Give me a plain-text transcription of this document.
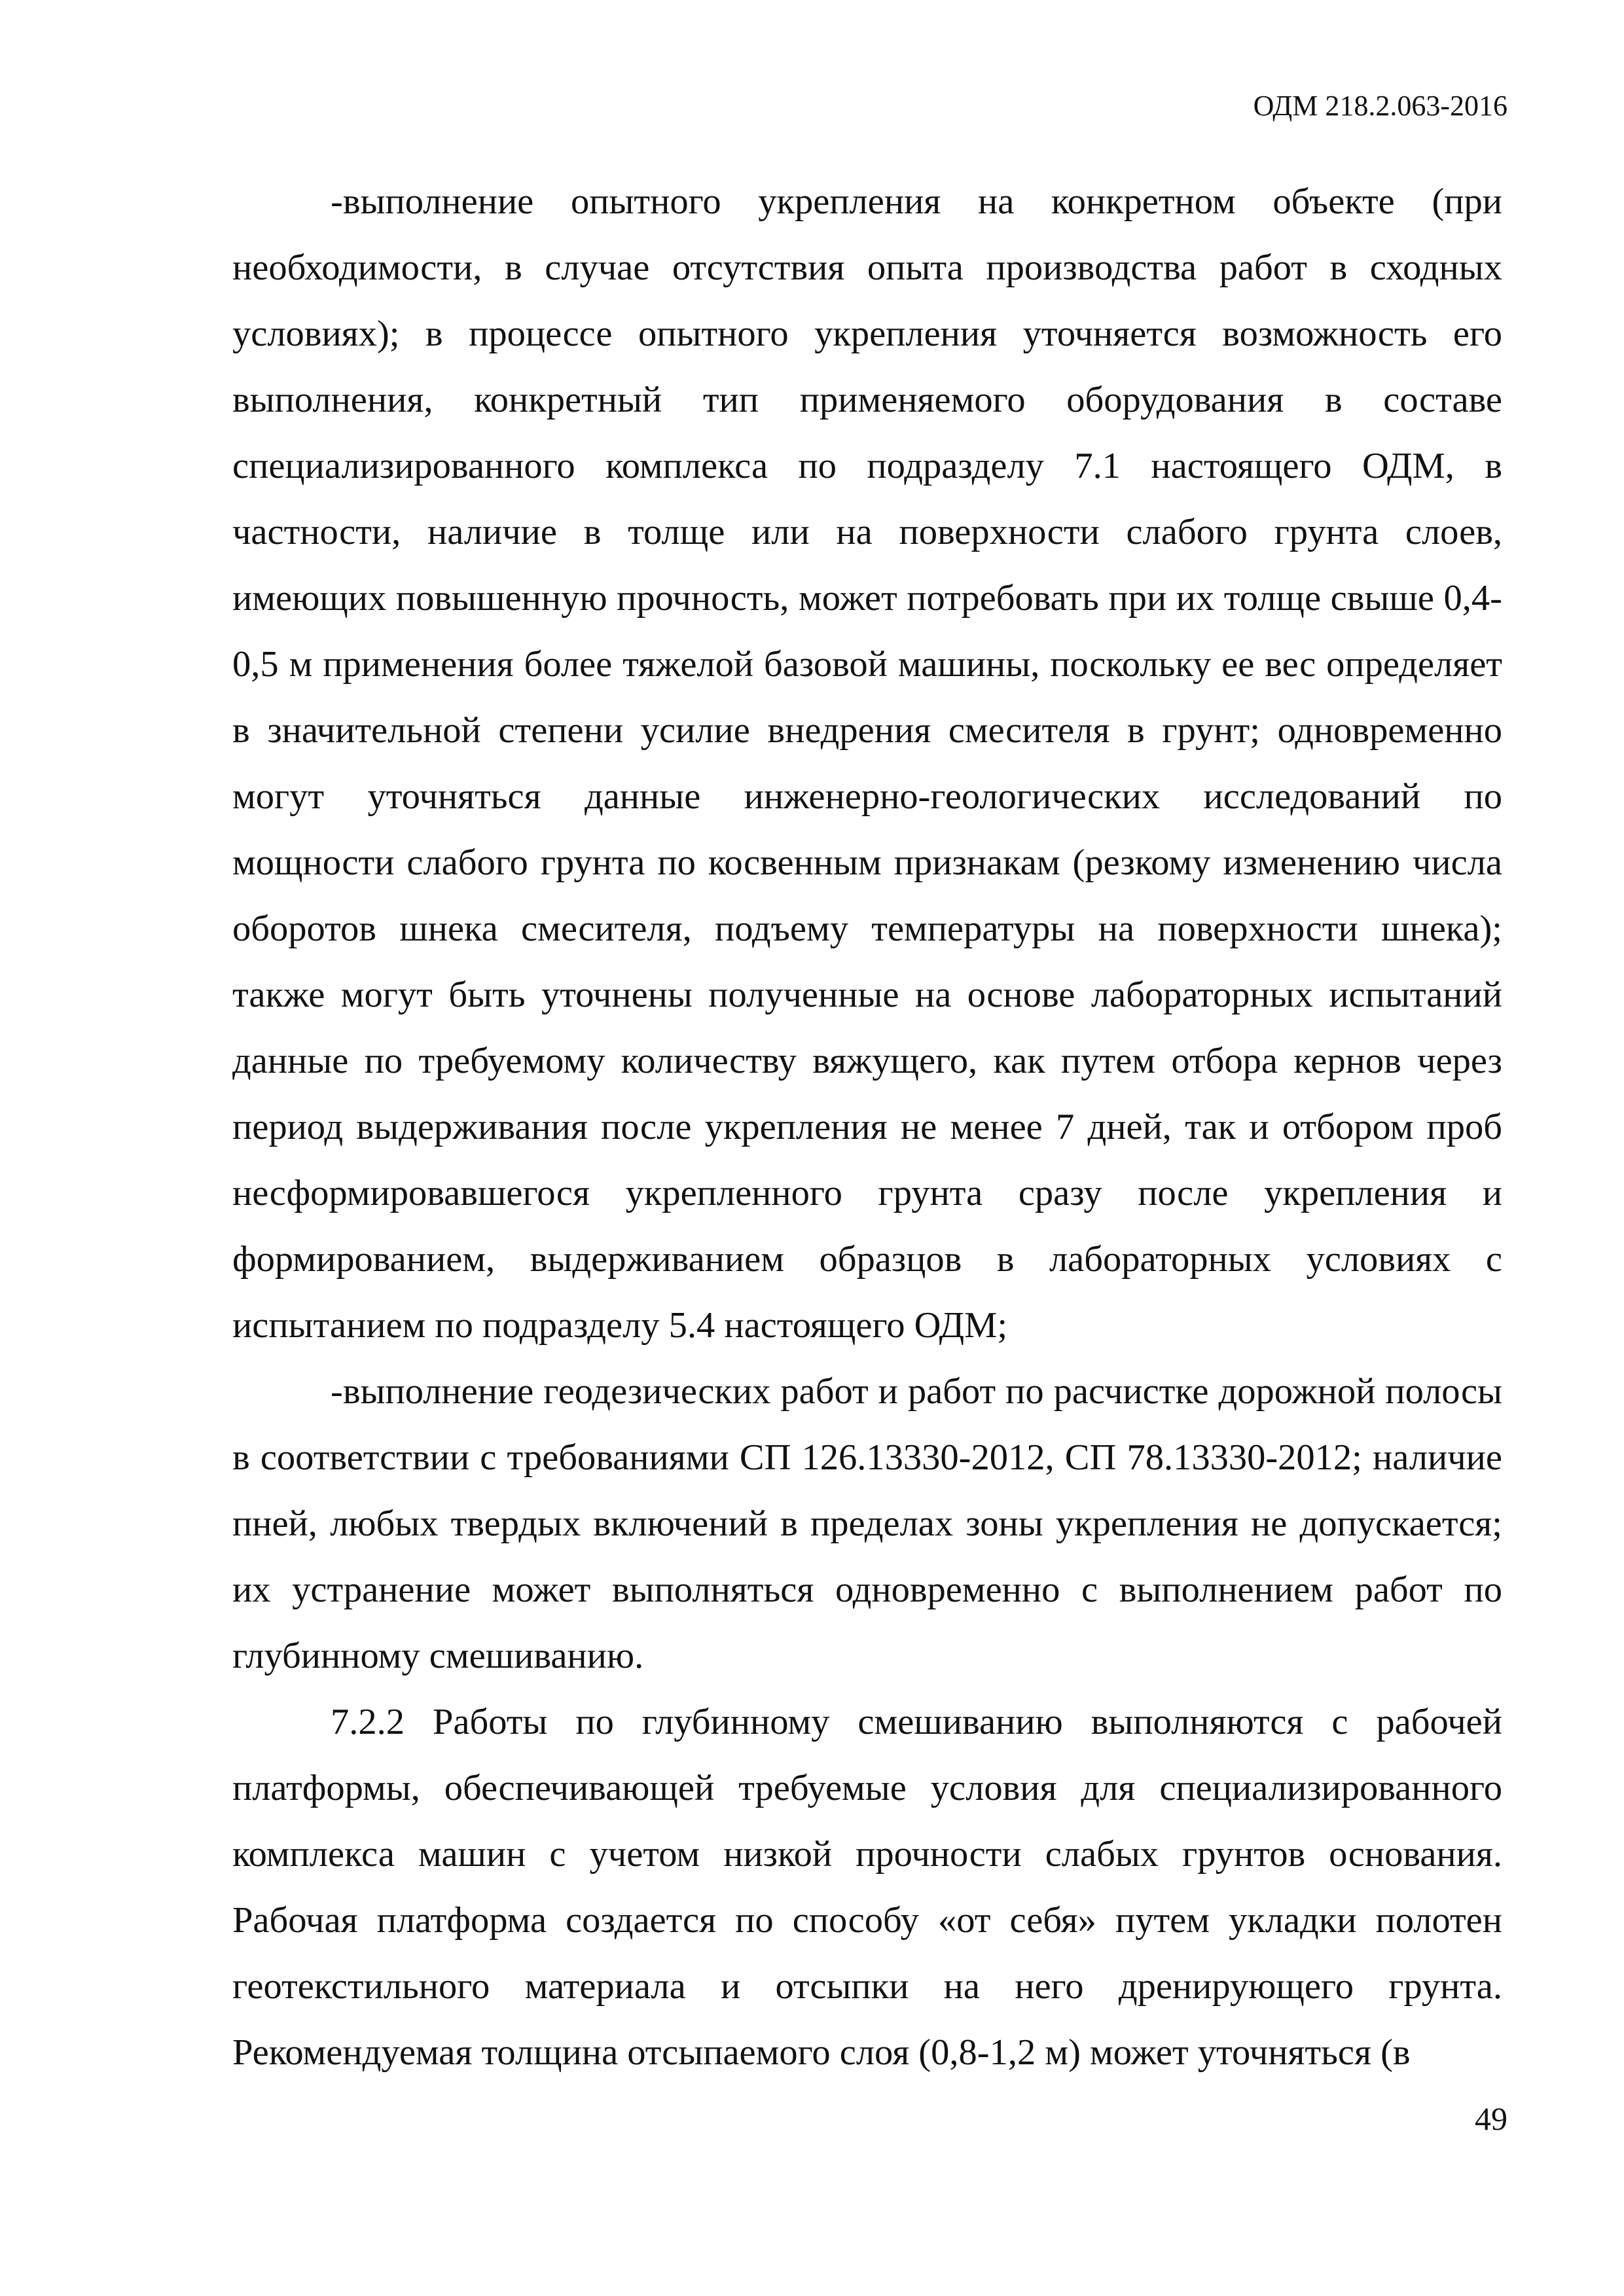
ОДМ 218.2.063-2016

-выполнение опытного укрепления на конкретном объекте (при необходимости, в случае отсутствия опыта производства работ в сходных условиях); в процессе опытного укрепления уточняется возможность его выполнения, конкретный тип применяемого оборудования в составе специализированного комплекса по подразделу 7.1 настоящего ОДМ, в частности, наличие в толще или на поверхности слабого грунта слоев, имеющих повышенную прочность, может потребовать при их толще свыше 0,4-0,5 м применения более тяжелой базовой машины, поскольку ее вес определяет в значительной степени усилие внедрения смесителя в грунт; одновременно могут уточняться данные инженерно-геологических исследований по мощности слабого грунта по косвенным признакам (резкому изменению числа оборотов шнека смесителя, подъему температуры на поверхности шнека); также могут быть уточнены полученные на основе лабораторных испытаний данные по требуемому количеству вяжущего, как путем отбора кернов через период выдерживания после укрепления не менее 7 дней, так и отбором проб несформировавшегося укрепленного грунта сразу после укрепления и формированием, выдерживанием образцов в лабораторных условиях с испытанием по подразделу 5.4 настоящего ОДМ;

-выполнение геодезических работ и работ по расчистке дорожной полосы в соответствии с требованиями СП 126.13330-2012, СП 78.13330-2012; наличие пней, любых твердых включений в пределах зоны укрепления не допускается; их устранение может выполняться одновременно с выполнением работ по глубинному смешиванию.

7.2.2 Работы по глубинному смешиванию выполняются с рабочей платформы, обеспечивающей требуемые условия для специализированного комплекса машин с учетом низкой прочности слабых грунтов основания. Рабочая платформа создается по способу «от себя» путем укладки полотен геотекстильного материала и отсыпки на него дренирующего грунта. Рекомендуемая толщина отсыпаемого слоя (0,8-1,2 м) может уточняться (в

49
